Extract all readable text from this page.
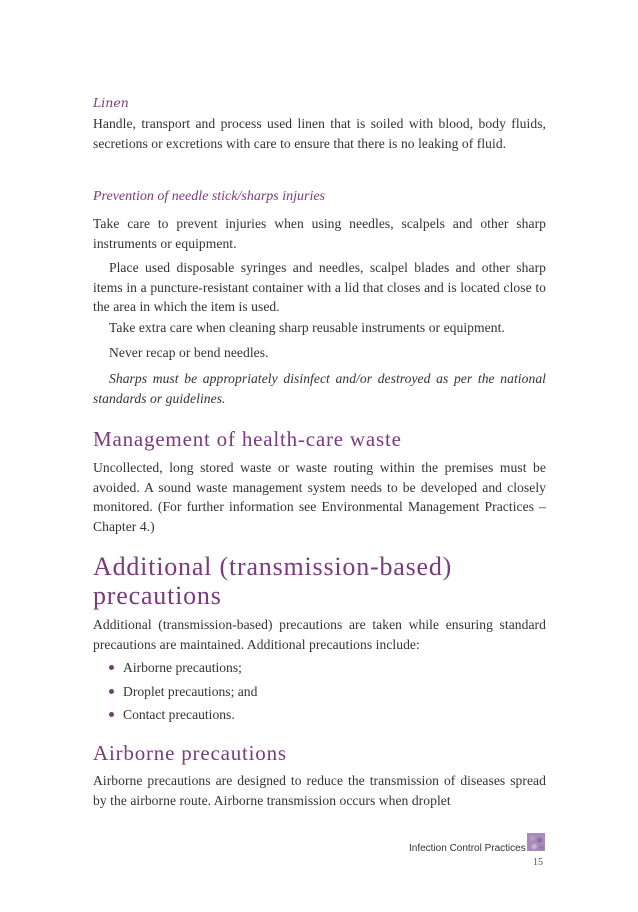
Linen

Handle, transport and process used linen that is soiled with blood, body fluids, secretions or excretions with care to ensure that there is no leaking of fluid.

Prevention of needle stick/sharps injuries

Take care to prevent injuries when using needles, scalpels and other sharp instruments or equipment.

Place used disposable syringes and needles, scalpel blades and other sharp items in a puncture-resistant container with a lid that closes and is located close to the area in which the item is used.

Take extra care when cleaning sharp reusable instruments or equipment.

Never recap or bend needles.

Sharps must be appropriately disinfect and/or destroyed as per the national standards or guidelines.

Management of health-care waste

Uncollected, long stored waste or waste routing within the premises must be avoided. A sound waste management system needs to be developed and closely monitored. (For further information see Environmental Management Practices – Chapter 4.)

Additional (transmission-based)
precautions

Additional (transmission-based) precautions are taken while ensuring standard precautions are maintained. Additional precautions include:

Airborne precautions;
Droplet precautions; and
Contact precautions.
Airborne precautions

Airborne precautions are designed to reduce the transmission of diseases spread by the airborne route. Airborne transmission occurs when droplet

Infection Control Practices
15
